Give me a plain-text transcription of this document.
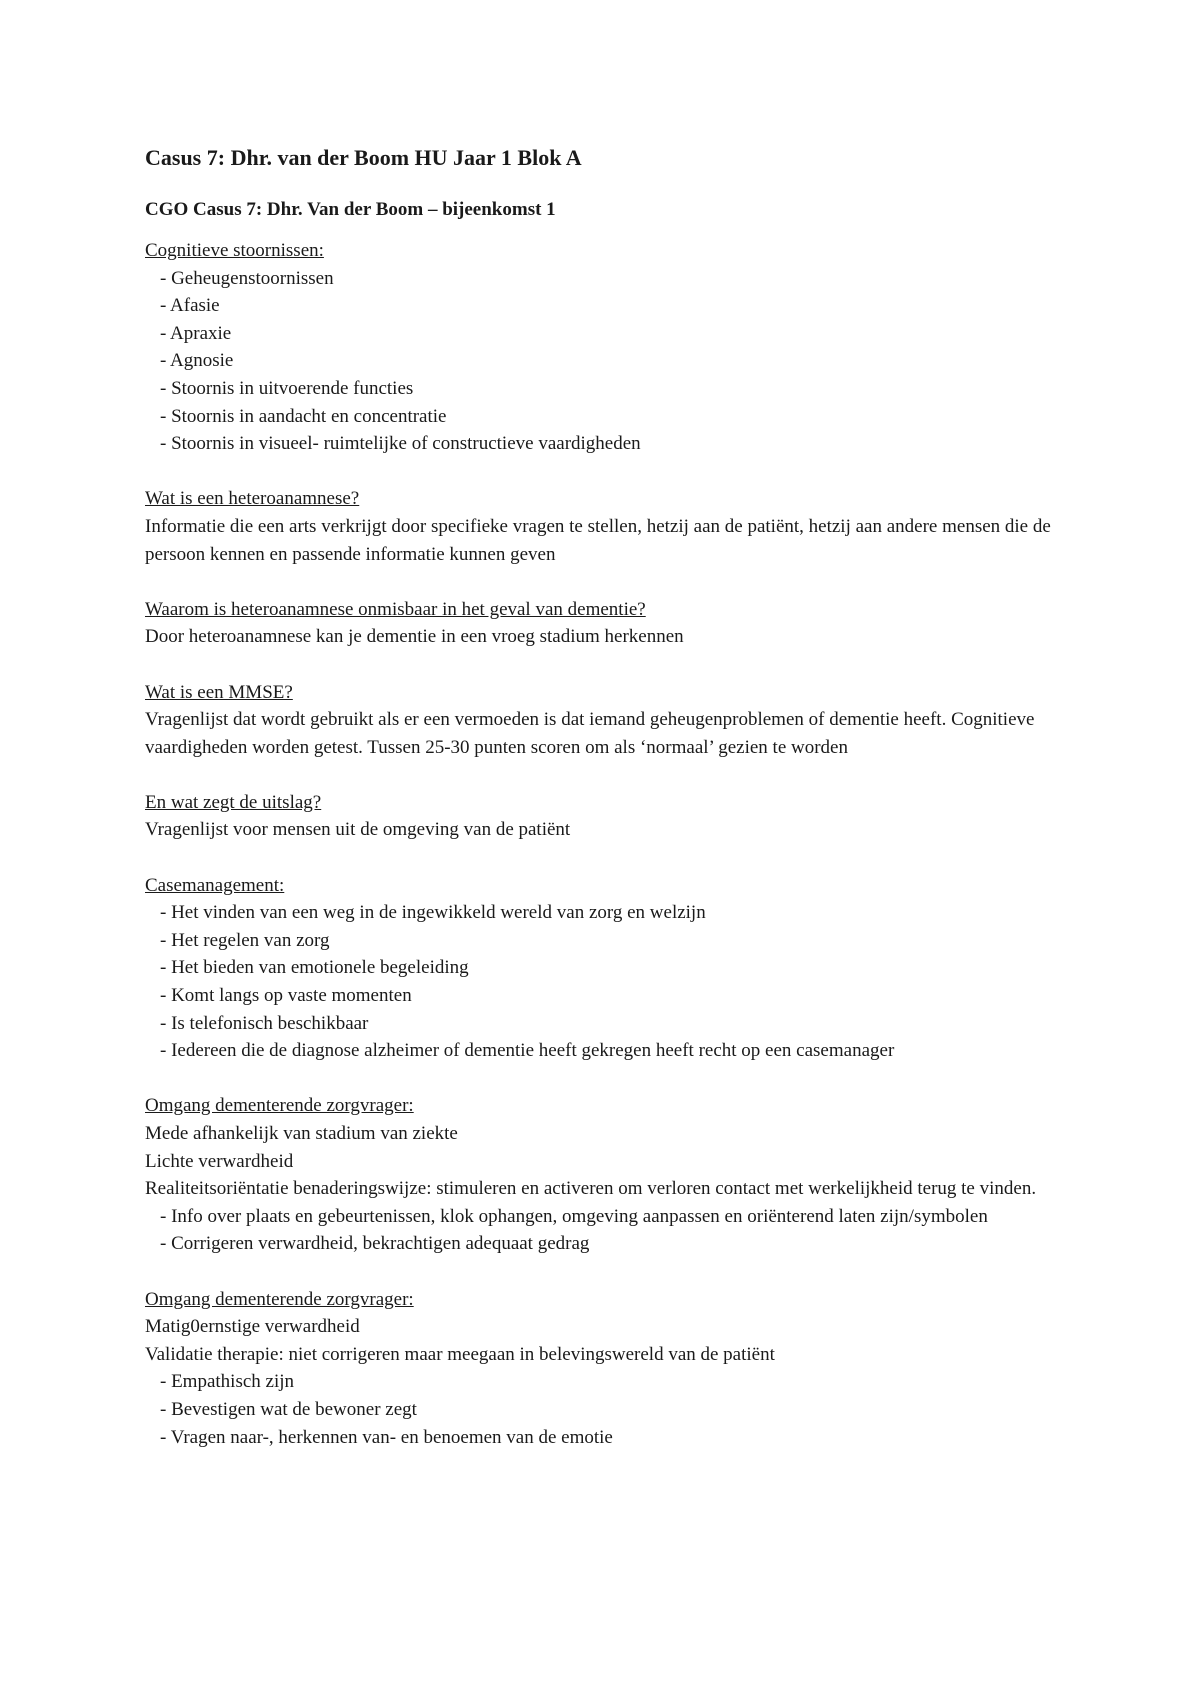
Casus 7: Dhr. van der Boom HU Jaar 1 Blok A
CGO Casus 7: Dhr. Van der Boom – bijeenkomst 1
Cognitieve stoornissen:
- Geheugenstoornissen
- Afasie
- Apraxie
- Agnosie
- Stoornis in uitvoerende functies
- Stoornis in aandacht en concentratie
- Stoornis in visueel- ruimtelijke of constructieve vaardigheden
Wat is een heteroanamnese?
Informatie die een arts verkrijgt door specifieke vragen te stellen, hetzij aan de patiënt, hetzij aan andere mensen die de persoon kennen en passende informatie kunnen geven
Waarom is heteroanamnese onmisbaar in het geval van dementie?
Door heteroanamnese kan je dementie in een vroeg stadium herkennen
Wat is een MMSE?
Vragenlijst dat wordt gebruikt als er een vermoeden is dat iemand geheugenproblemen of dementie heeft. Cognitieve vaardigheden worden getest. Tussen 25-30 punten scoren om als ‘normaal’ gezien te worden
En wat zegt de uitslag?
Vragenlijst voor mensen uit de omgeving van de patiënt
Casemanagement:
- Het vinden van een weg in de ingewikkeld wereld van zorg en welzijn
- Het regelen van zorg
- Het bieden van emotionele begeleiding
- Komt langs op vaste momenten
- Is telefonisch beschikbaar
- Iedereen die de diagnose alzheimer of dementie heeft gekregen heeft recht op een casemanager
Omgang dementerende zorgvrager:
Mede afhankelijk van stadium van ziekte
Lichte verwardheid
Realiteitsoriëntatie benaderingswijze: stimuleren en activeren om verloren contact met werkelijkheid terug te vinden.
- Info over plaats en gebeurtenissen, klok ophangen, omgeving aanpassen en oriënterend laten zijn/symbolen
- Corrigeren verwardheid, bekrachtigen adequaat gedrag
Omgang dementerende zorgvrager:
Matig0ernstige verwardheid
Validatie therapie: niet corrigeren maar meegaan in belevingswereld van de patiënt
- Empathisch zijn
- Bevestigen wat de bewoner zegt
- Vragen naar-, herkennen van- en benoemen van de emotie
